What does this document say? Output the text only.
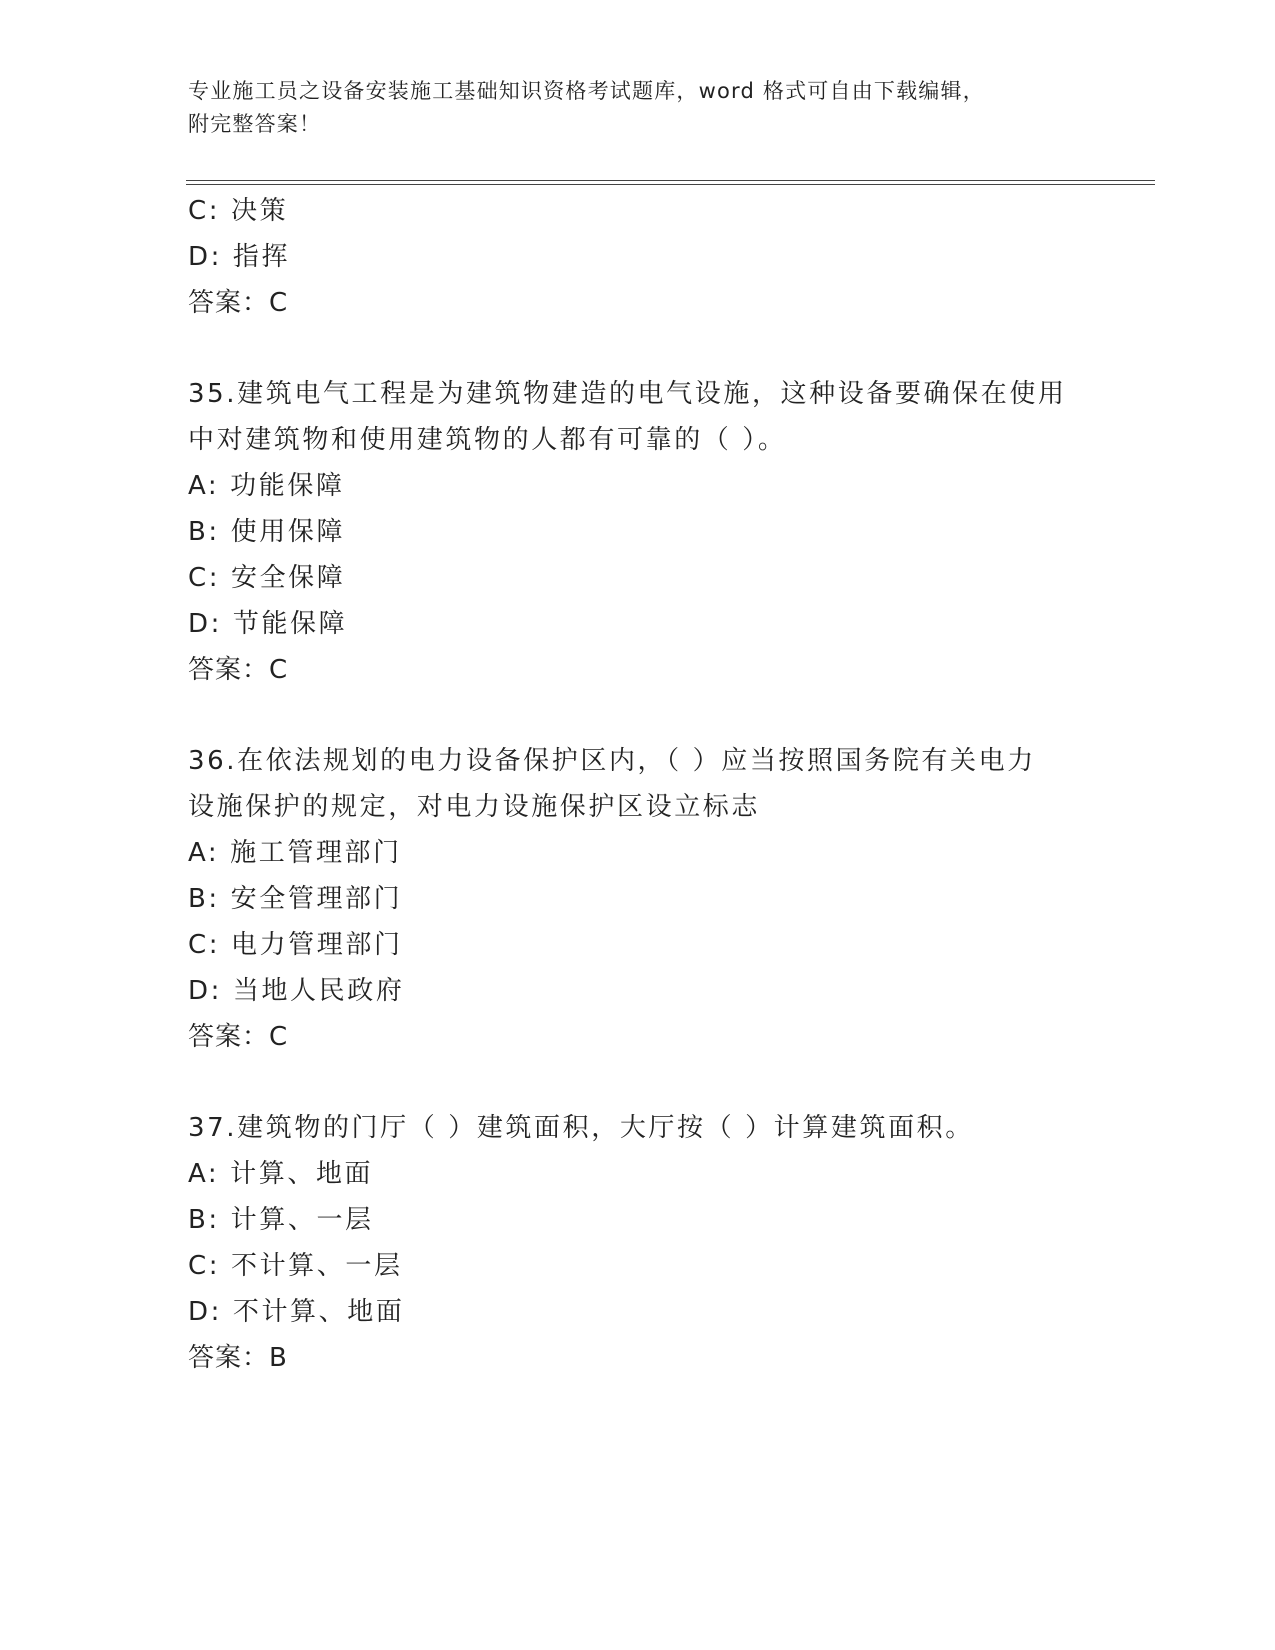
专业施工员之设备安装施工基础知识资格考试题库，word 格式可自由下载编辑，
附完整答案！
C: 决策
D: 指挥
答案：C
35.建筑电气工程是为建筑物建造的电气设施，这种设备要确保在使用
中对建筑物和使用建筑物的人都有可靠的（ ）。
A: 功能保障
B: 使用保障
C: 安全保障
D: 节能保障
答案：C
36.在依法规划的电力设备保护区内，（ ）应当按照国务院有关电力
设施保护的规定，对电力设施保护区设立标志
A: 施工管理部门
B: 安全管理部门
C: 电力管理部门
D: 当地人民政府
答案：C
37.建筑物的门厅（ ）建筑面积，大厅按（ ）计算建筑面积。
A: 计算、地面
B: 计算、一层
C: 不计算、一层
D: 不计算、地面
答案：B
